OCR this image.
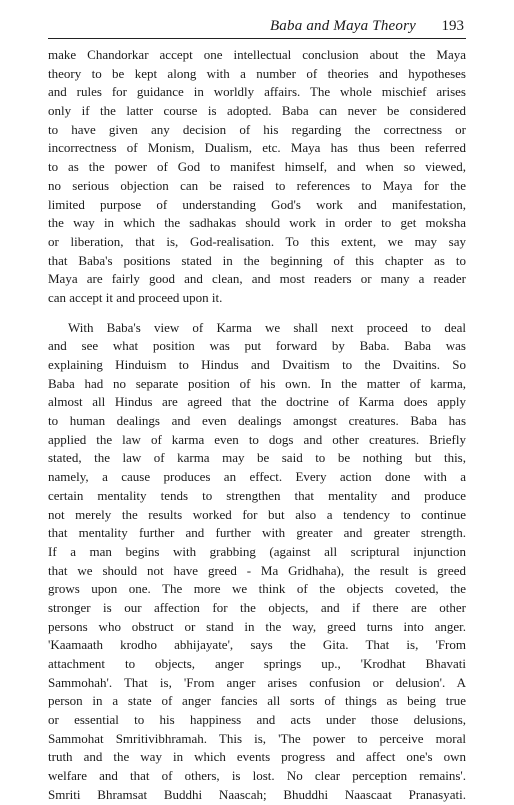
Baba and Maya Theory 193
make Chandorkar accept one intellectual conclusion about the Maya
theory to be kept along with a number of theories and hypotheses
and rules for guidance in worldly affairs. The whole mischief arises
only if the latter course is adopted. Baba can never be considered
to have given any decision of his regarding the correctness or
incorrectness of Monism, Dualism, etc. Maya has thus been referred
to as the power of God to manifest himself, and when so viewed,
no serious objection can be raised to references to Maya for the
limited purpose of understanding God's work and manifestation,
the way in which the sadhakas should work in order to get moksha
or liberation, that is, God-realisation. To this extent, we may say
that Baba's positions stated in the beginning of this chapter as to
Maya are fairly good and clean, and most readers or many a reader
can accept it and proceed upon it.
With Baba's view of Karma we shall next proceed to deal
and see what position was put forward by Baba. Baba was
explaining Hinduism to Hindus and Dvaitism to the Dvaitins. So
Baba had no separate position of his own. In the matter of karma,
almost all Hindus are agreed that the doctrine of Karma does apply
to human dealings and even dealings amongst creatures. Baba has
applied the law of karma even to dogs and other creatures. Briefly
stated, the law of karma may be said to be nothing but this,
namely, a cause produces an effect. Every action done with a
certain mentality tends to strengthen that mentality and produce
not merely the results worked for but also a tendency to continue
that mentality further and further with greater and greater strength.
If a man begins with grabbing (against all scriptural injunction
that we should not have greed - Ma Gridhaha), the result is greed
grows upon one. The more we think of the objects coveted, the
stronger is our affection for the objects, and if there are other
persons who obstruct or stand in the way, greed turns into anger.
'Kaamaath krodho abhijayate', says the Gita. That is, 'From
attachment to objects, anger springs up., 'Krodhat Bhavati
Sammohah'. That is, 'From anger arises confusion or delusion'. A
person in a state of anger fancies all sorts of things as being true
or essential to his happiness and acts under those delusions,
Sammohat Smritivibhramah. This is, 'The power to perceive moral
truth and the way in which events progress and affect one's own
welfare and that of others, is lost. No clear perception remains'.
Smriti Bhramsat Buddhi Naascah; Bhuddhi Naascaat Pranasyati.
